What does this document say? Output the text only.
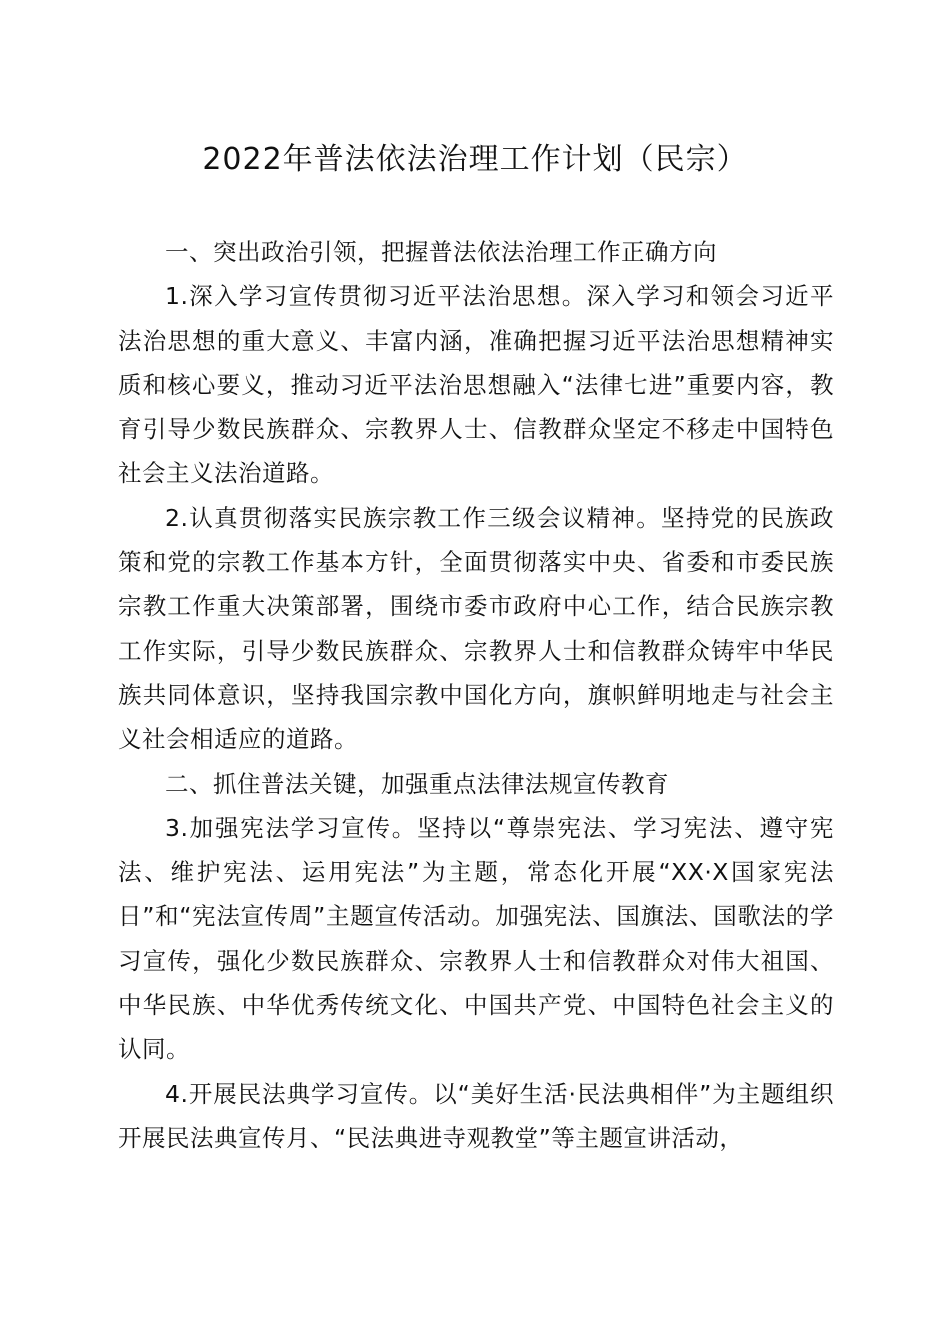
2022年普法依法治理工作计划（民宗）

一、突出政治引领，把握普法依法治理工作正确方向

1.深入学习宣传贯彻习近平法治思想。深入学习和领会习近平法治思想的重大意义、丰富内涵，准确把握习近平法治思想精神实质和核心要义，推动习近平法治思想融入“法律七进”重要内容，教育引导少数民族群众、宗教界人士、信教群众坚定不移走中国特色社会主义法治道路。

2.认真贯彻落实民族宗教工作三级会议精神。坚持党的民族政策和党的宗教工作基本方针，全面贯彻落实中央、省委和市委民族宗教工作重大决策部署，围绕市委市政府中心工作，结合民族宗教工作实际，引导少数民族群众、宗教界人士和信教群众铸牢中华民族共同体意识，坚持我国宗教中国化方向，旗帜鲜明地走与社会主义社会相适应的道路。

二、抓住普法关键，加强重点法律法规宣传教育

3.加强宪法学习宣传。坚持以“尊崇宪法、学习宪法、遵守宪法、维护宪法、运用宪法”为主题，常态化开展“XX·X国家宪法日”和“宪法宣传周”主题宣传活动。加强宪法、国旗法、国歌法的学习宣传，强化少数民族群众、宗教界人士和信教群众对伟大祖国、中华民族、中华优秀传统文化、中国共产党、中国特色社会主义的认同。

4.开展民法典学习宣传。以“美好生活·民法典相伴”为主题组织开展民法典宣传月、“民法典进寺观教堂”等主题宣讲活动，
